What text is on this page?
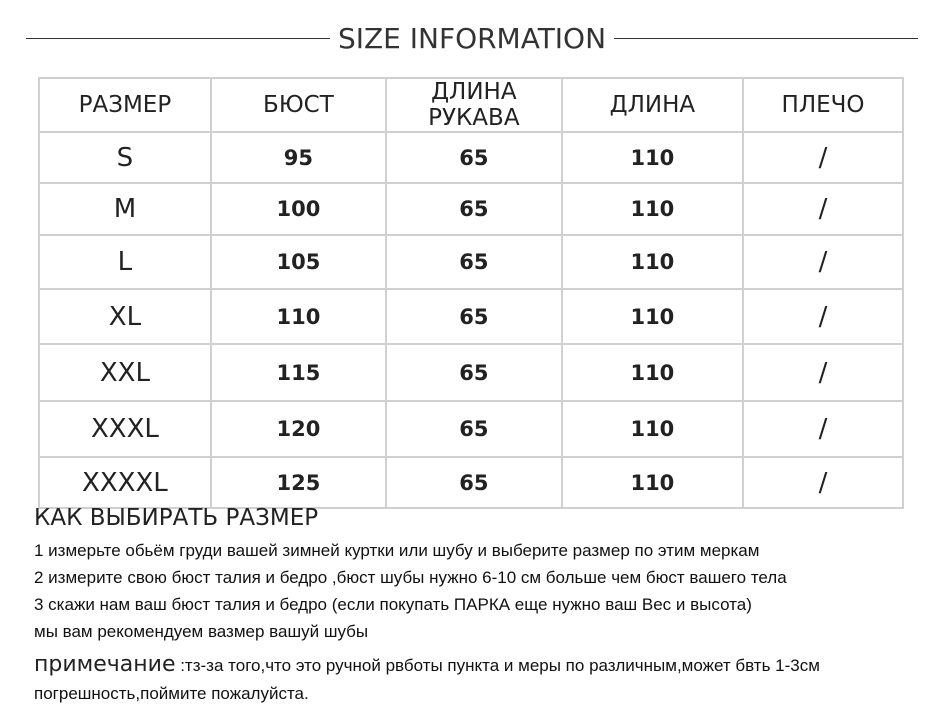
SIZE INFORMATION
РАЗМЕР	БЮСТ	ДЛИНА РУКАВА	ДЛИНА	ПЛЕЧО
S	95	65	110	/
M	100	65	110	/
L	105	65	110	/
XL	110	65	110	/
XXL	115	65	110	/
XXXL	120	65	110	/
XXXXL	125	65	110	/
КАК ВЫБИРАТЬ РАЗМЕР
1 измерьте обьём груди вашей зимней куртки или шубу и выберите размер по этим меркам
2 измерите свою бюст талия и бедро ,бюст шубы нужно 6-10 см больше чем бюст вашего тела
3 скажи нам ваш бюст талия и бедро (если покупать ПАРКА еще нужно ваш Вес и высота)
мы вам рекомендуем вазмер вашуй шубы
примечание :тз-за того,что это ручной рвботы пункта и меры по различным,может бвть 1-3см
погрешность,поймите пожалуйста.
